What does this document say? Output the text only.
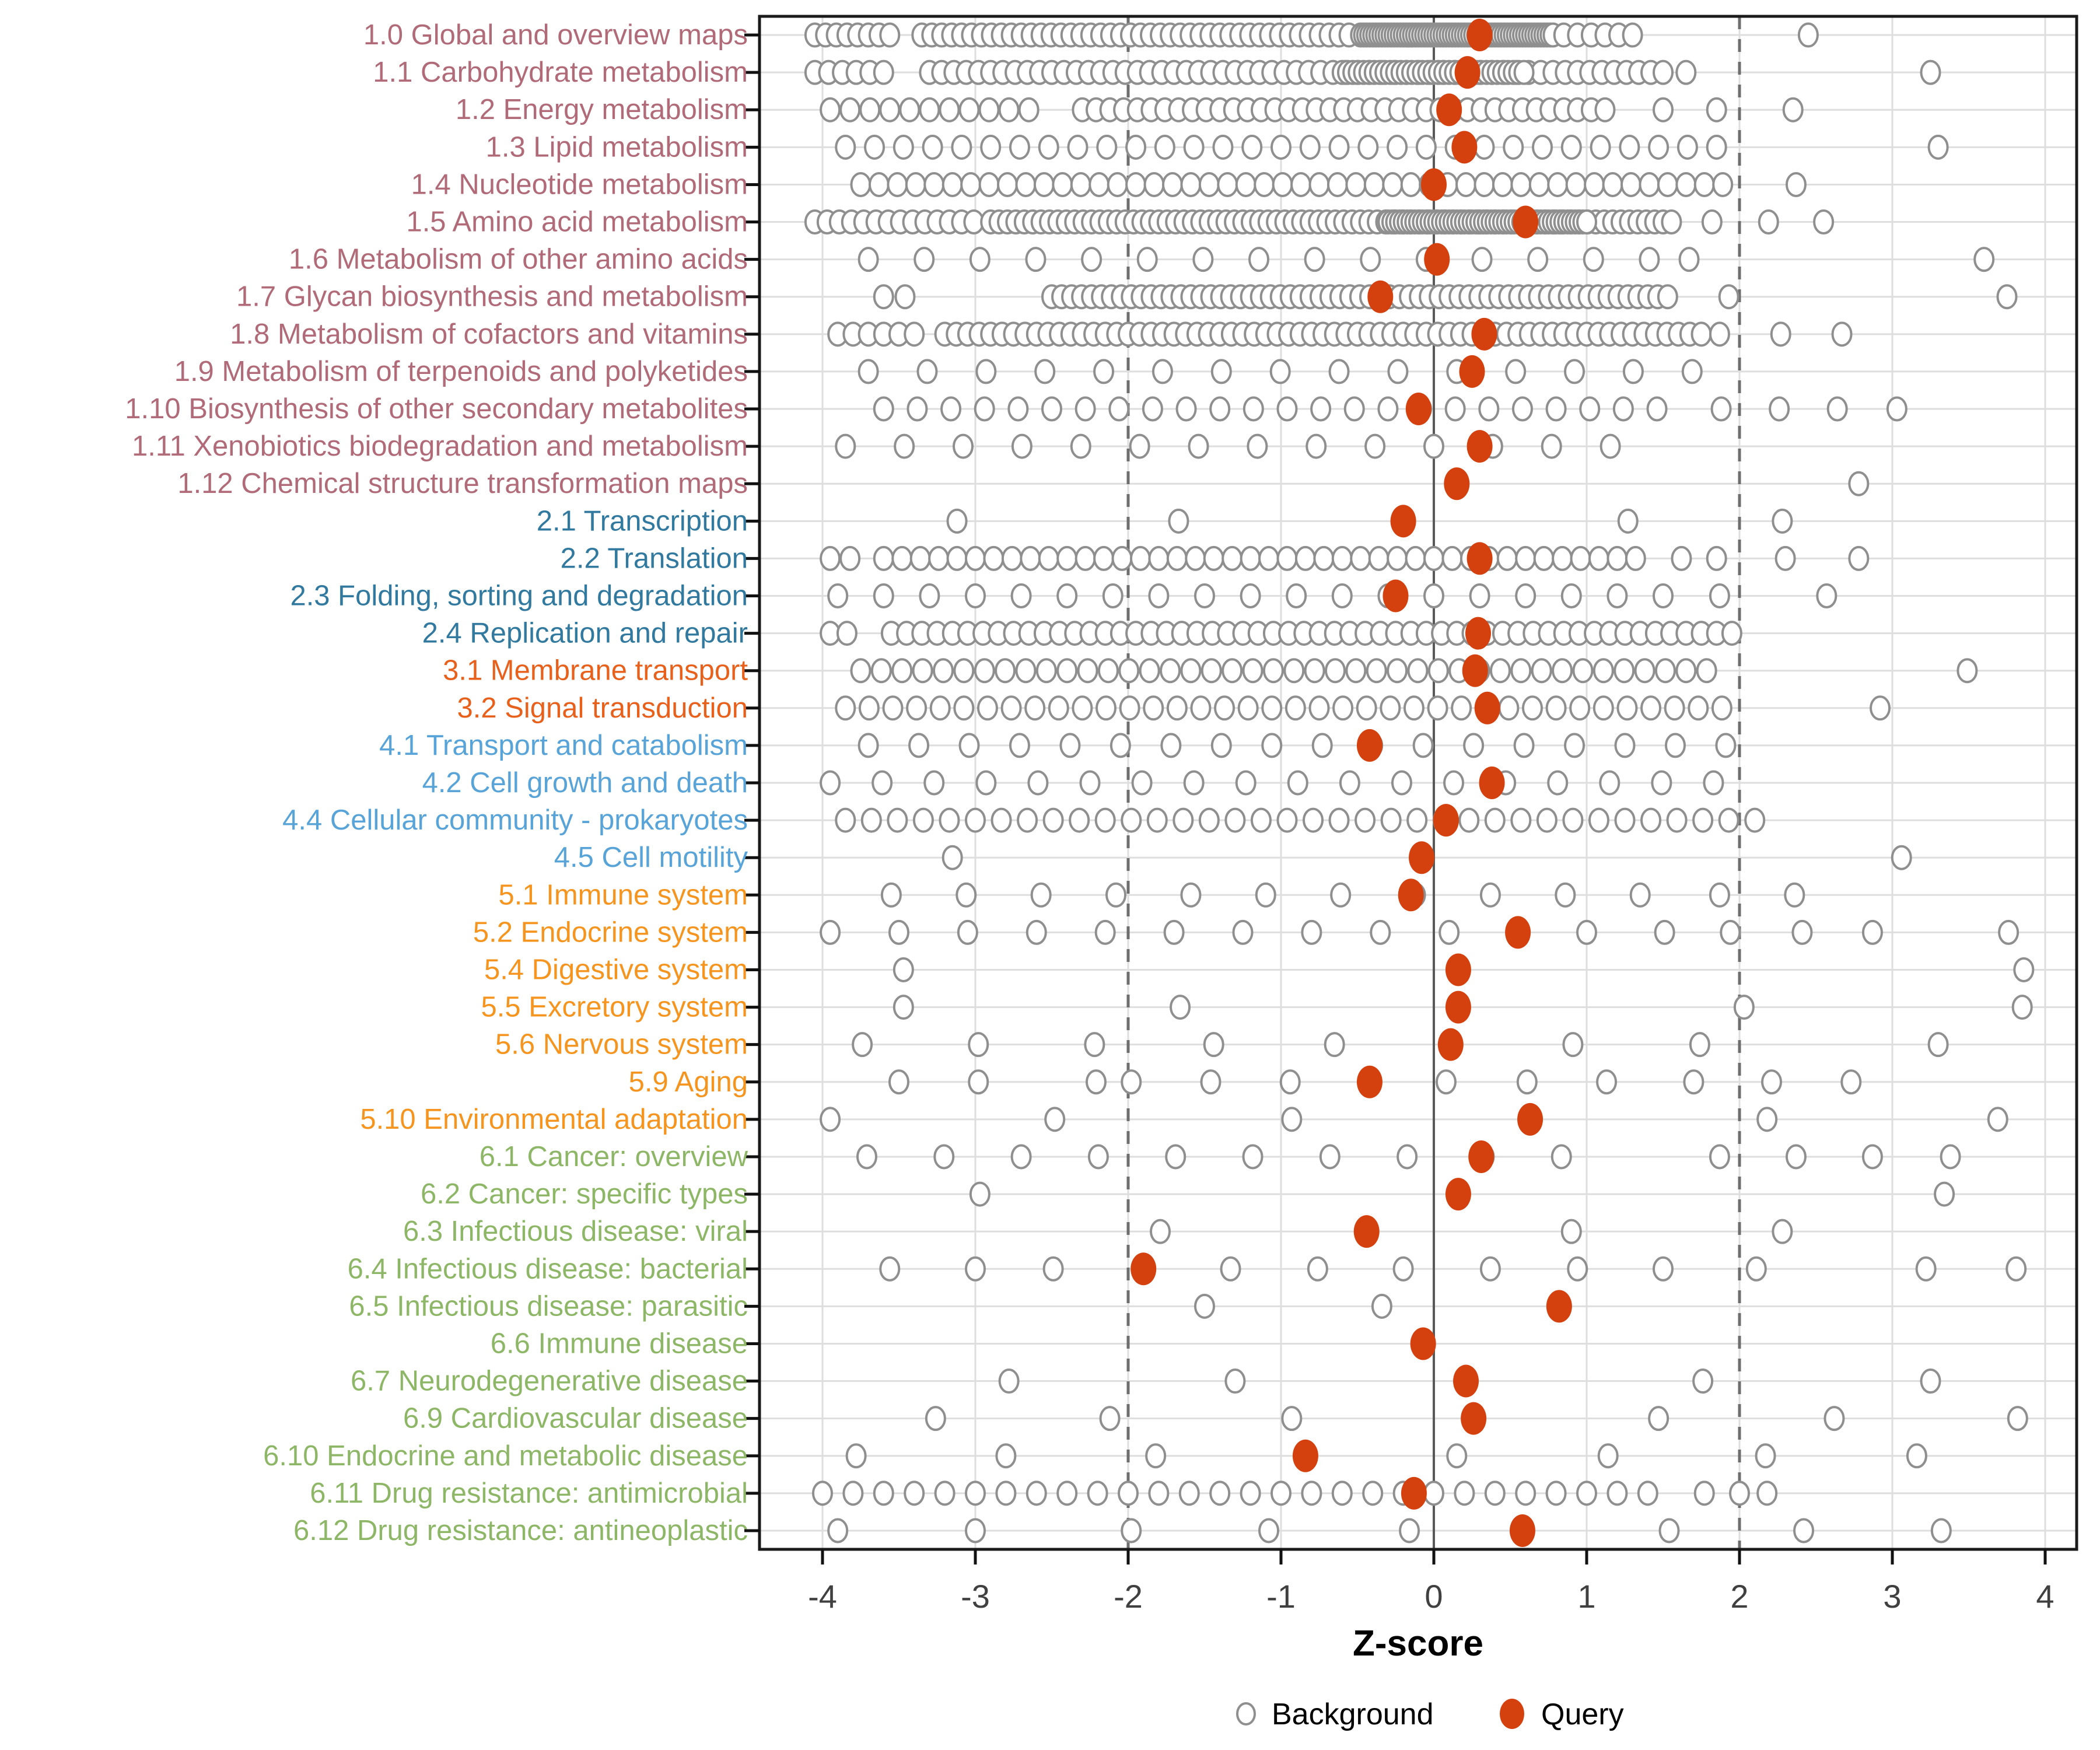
1.0 Global and overview maps
1.1 Carbohydrate metabolism
1.2 Energy metabolism
1.3 Lipid metabolism
1.4 Nucleotide metabolism
1.5 Amino acid metabolism
1.6 Metabolism of other amino acids
1.7 Glycan biosynthesis and metabolism
1.8 Metabolism of cofactors and vitamins
1.9 Metabolism of terpenoids and polyketides
1.10 Biosynthesis of other secondary metabolites
1.11 Xenobiotics biodegradation and metabolism
1.12 Chemical structure transformation maps
2.1 Transcription
2.2 Translation
2.3 Folding, sorting and degradation
2.4 Replication and repair
3.1 Membrane transport
3.2 Signal transduction
4.1 Transport and catabolism
4.2 Cell growth and death
4.4 Cellular community - prokaryotes
4.5 Cell motility
5.1 Immune system
5.2 Endocrine system
5.4 Digestive system
5.5 Excretory system
5.6 Nervous system
5.9 Aging
5.10 Environmental adaptation
6.1 Cancer: overview
6.2 Cancer: specific types
6.3 Infectious disease: viral
6.4 Infectious disease: bacterial
6.5 Infectious disease: parasitic
6.6 Immune disease
6.7 Neurodegenerative disease
6.9 Cardiovascular disease
6.10 Endocrine and metabolic disease
6.11 Drug resistance: antimicrobial
6.12 Drug resistance: antineoplastic
-4	-3	-2	-1	0	1	2	3	4
Z-score
Background	Query
